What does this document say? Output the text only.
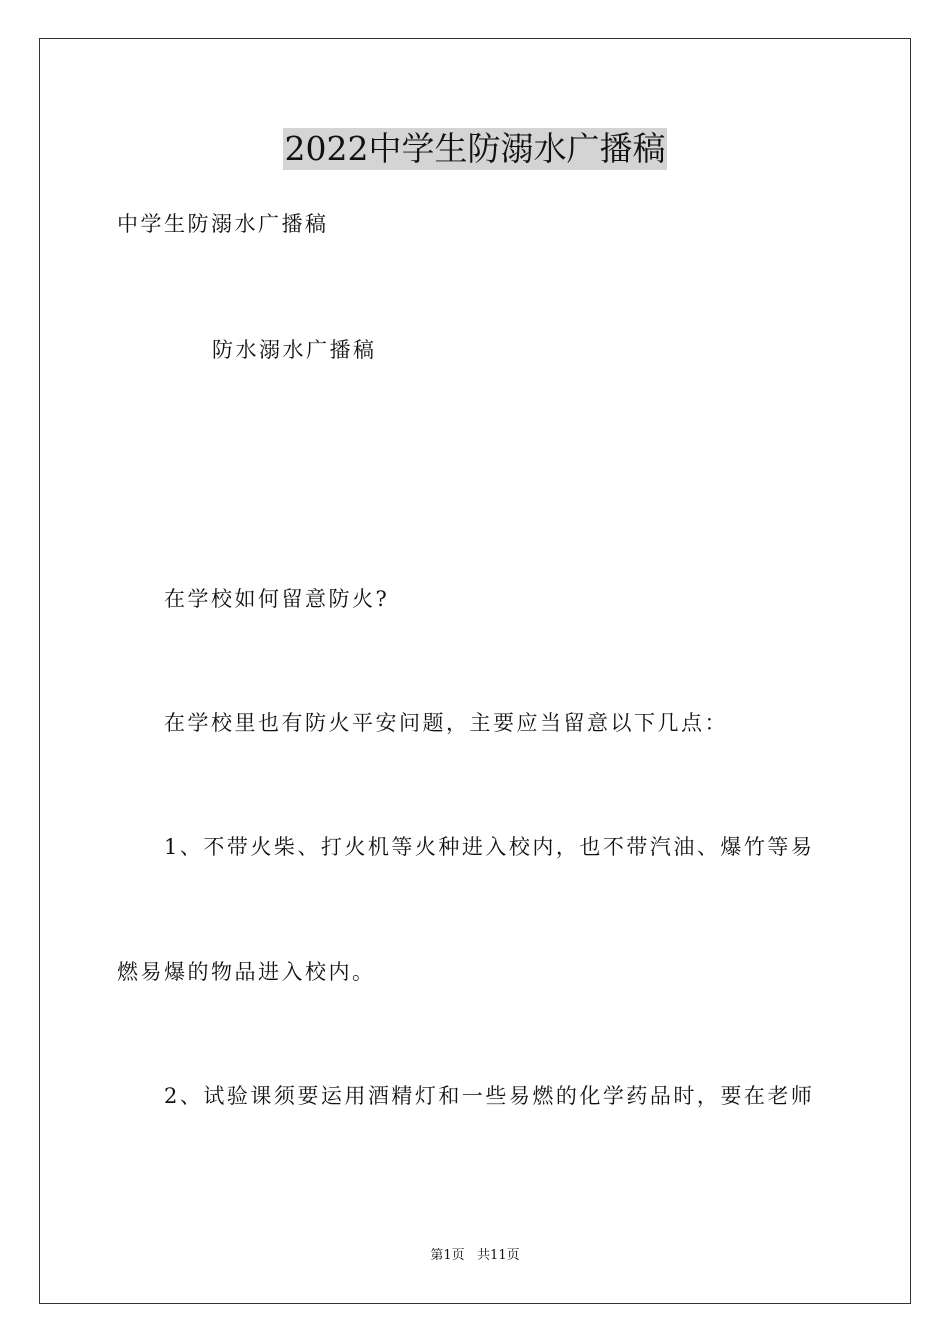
2022中学生防溺水广播稿
中学生防溺水广播稿
防水溺水广播稿
在学校如何留意防火?
在学校里也有防火平安问题，主要应当留意以下几点：
1、不带火柴、打火机等火种进入校内，也不带汽油、爆竹等易
燃易爆的物品进入校内。
2、试验课须要运用酒精灯和一些易燃的化学药品时，要在老师
第1页   共11页
